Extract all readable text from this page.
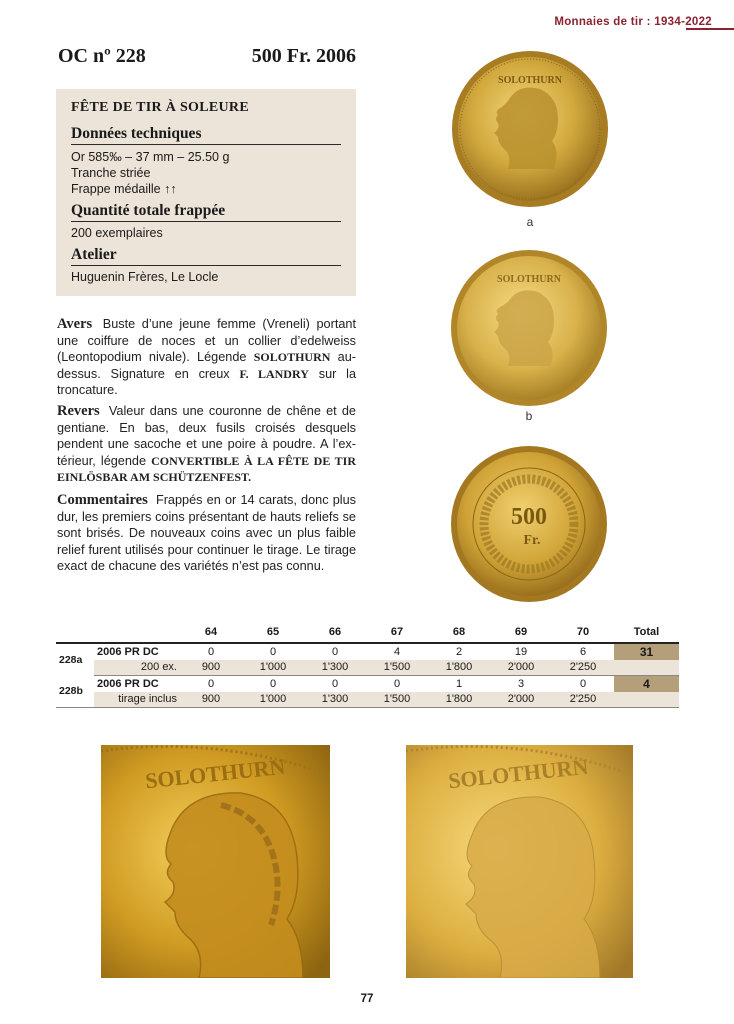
Monnaies de tir : 1934-2022
OC nº 228	500 Fr. 2006
FÊTE DE TIR À SOLEURE
Données techniques
Or 585‰ – 37 mm – 25.50 g
Tranche striée
Frappe médaille ↑↑
Quantité totale frappée
200 exemplaires
Atelier
Huguenin Frères, Le Locle
Avers Buste d’une jeune femme (Vreneli) portant une coiffure de noces et un collier d’edelweiss (Leontopodium nivale). Légende SOLOTHURN au-dessus. Signature en creux F. LANDRY sur la troncature.
Revers Valeur dans une couronne de chêne et de gentiane. En bas, deux fusils croisés desquels pendent une sacoche et une poire à poudre. A l’ex-térieur, légende CONVERTIBLE À LA FÊTE DE TIR EINLÖSBAR AM SCHÜTZENFEST.
Commentaires Frappés en or 14 carats, donc plus dur, les premiers coins présentant de hauts reliefs se sont brisés. De nouveaux coins avec un plus faible relief furent utilisés pour continuer le tirage. Le tirage exact de chacune des variétés n’est pas connu.
SOLOTHURN
a
SOLOTHURN
b
500
Fr.
		64	65	66	67	68	69	70	Total
228a	2006 PR DC	0	0	0	4	2	19	6	31
	200 ex.	900	1'000	1'300	1'500	1'800	2'000	2'250	
228b	2006 PR DC	0	0	0	0	1	3	0	4
	tirage inclus	900	1'000	1'300	1'500	1'800	2'000	2'250	
SOLOTHURN	SOLOTHURN
77
